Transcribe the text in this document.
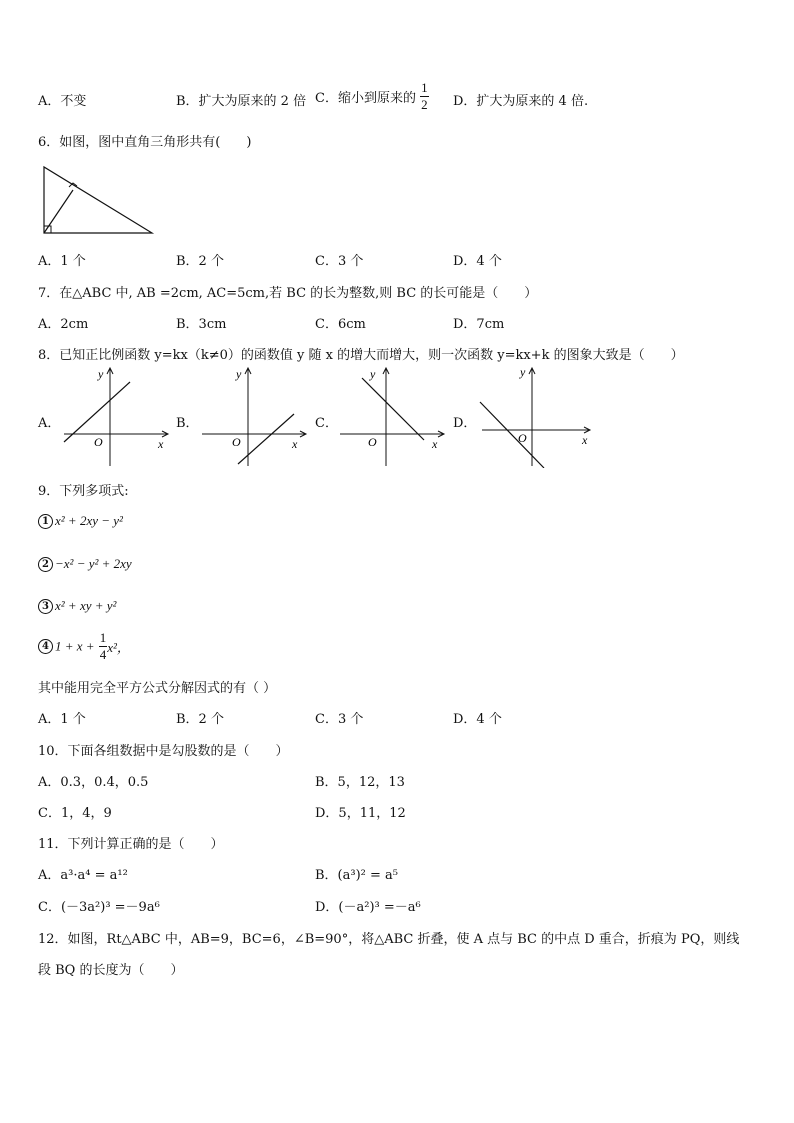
A．不变	B．扩大为原来的 2 倍 C．缩小到原来的 $\frac{1}{2}$ D．扩大为原来的 4 倍.
6．如图，图中直角三角形共有(　　)
A．1 个	B．2 个	C．3 个	D．4 个
7．在△ABC 中, AB =2cm, AC=5cm,若 BC 的长为整数,则 BC 的长可能是（　　）
A．2cm	B．3cm	C．6cm	D．7cm
8．已知正比例函数 y=kx（k≠0）的函数值 y 随 x 的增大而增大，则一次函数 y=kx+k 的图象大致是（　　）
A．
y
x
O
B．
y
x
O
C．
y
x
O
D．
y
x
O
9．下列多项式:
1 x² + 2xy − y²
2 −x² − y² + 2xy
3 x² + xy + y²
4 $1 + x + \frac{1}{4} x^2$，
其中能用完全平方公式分解因式的有（ ）
A．1 个	B．2 个	C．3 个	D．4 个
10．下面各组数据中是勾股数的是（　　）
A．0.3，0.4，0.5	B．5，12，13
C．1，4，9	D．5，11，12
11．下列计算正确的是（　　）
A．a³·a⁴ = a¹²	B．(a³)² = a⁵
C．(－3a²)³ =－9a⁶	D．(－a²)³ =－a⁶
12．如图，Rt△ABC 中，AB=9，BC=6，∠B=90°，将△ABC 折叠，使 A 点与 BC 的中点 D 重合，折痕为 PQ，则线
段 BQ 的长度为（　　）
